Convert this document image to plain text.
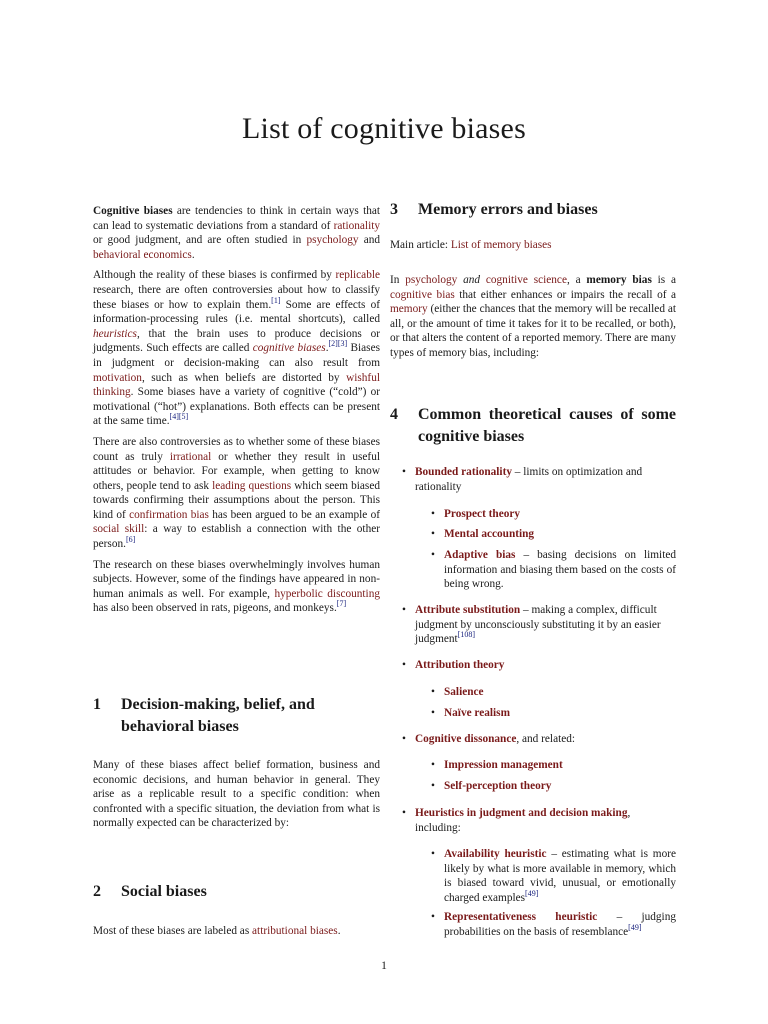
List of cognitive biases

Cognitive biases are tendencies to think in certain ways that can lead to systematic deviations from a standard of rationality or good judgment, and are often studied in psychology and behavioral economics.

Although the reality of these biases is confirmed by replicable research, there are often controversies about how to classify these biases or how to explain them.[1] Some are effects of information-processing rules (i.e. mental shortcuts), called heuristics, that the brain uses to produce decisions or judgments. Such effects are called cognitive biases.[2][3] Biases in judgment or decision-making can also result from motivation, such as when beliefs are distorted by wishful thinking. Some biases have a variety of cognitive (“cold”) or motivational (“hot”) explanations. Both effects can be present at the same time.[4][5]

There are also controversies as to whether some of these biases count as truly irrational or whether they result in useful attitudes or behavior. For example, when getting to know others, people tend to ask leading questions which seem biased towards confirming their assumptions about the person. This kind of confirmation bias has been argued to be an example of social skill: a way to establish a connection with the other person.[6]

The research on these biases overwhelmingly involves human subjects. However, some of the findings have appeared in non-human animals as well. For example, hyperbolic discounting has also been observed in rats, pigeons, and monkeys.[7]

1 Decision-making, belief, and behavioral biases

Many of these biases affect belief formation, business and economic decisions, and human behavior in general. They arise as a replicable result to a specific condition: when confronted with a specific situation, the deviation from what is normally expected can be characterized by:

2 Social biases

Most of these biases are labeled as attributional biases.

3 Memory errors and biases

Main article: List of memory biases

In psychology and cognitive science, a memory bias is a cognitive bias that either enhances or impairs the recall of a memory (either the chances that the memory will be recalled at all, or the amount of time it takes for it to be recalled, or both), or that alters the content of a reported memory. There are many types of memory bias, including:

4 Common theoretical causes of some cognitive biases
• Bounded rationality – limits on optimization and rationality
• Prospect theory
• Mental accounting
• Adaptive bias – basing decisions on limited information and biasing them based on the costs of being wrong.
• Attribute substitution – making a complex, difficult judgment by unconsciously substituting it by an easier judgment[108]
• Attribution theory
• Salience
• Naïve realism
• Cognitive dissonance, and related:
• Impression management
• Self-perception theory
• Heuristics in judgment and decision making, including:
• Availability heuristic – estimating what is more likely by what is more available in memory, which is biased toward vivid, unusual, or emotionally charged examples[49]
• Representativeness heuristic – judging probabilities on the basis of resemblance[49]
1
